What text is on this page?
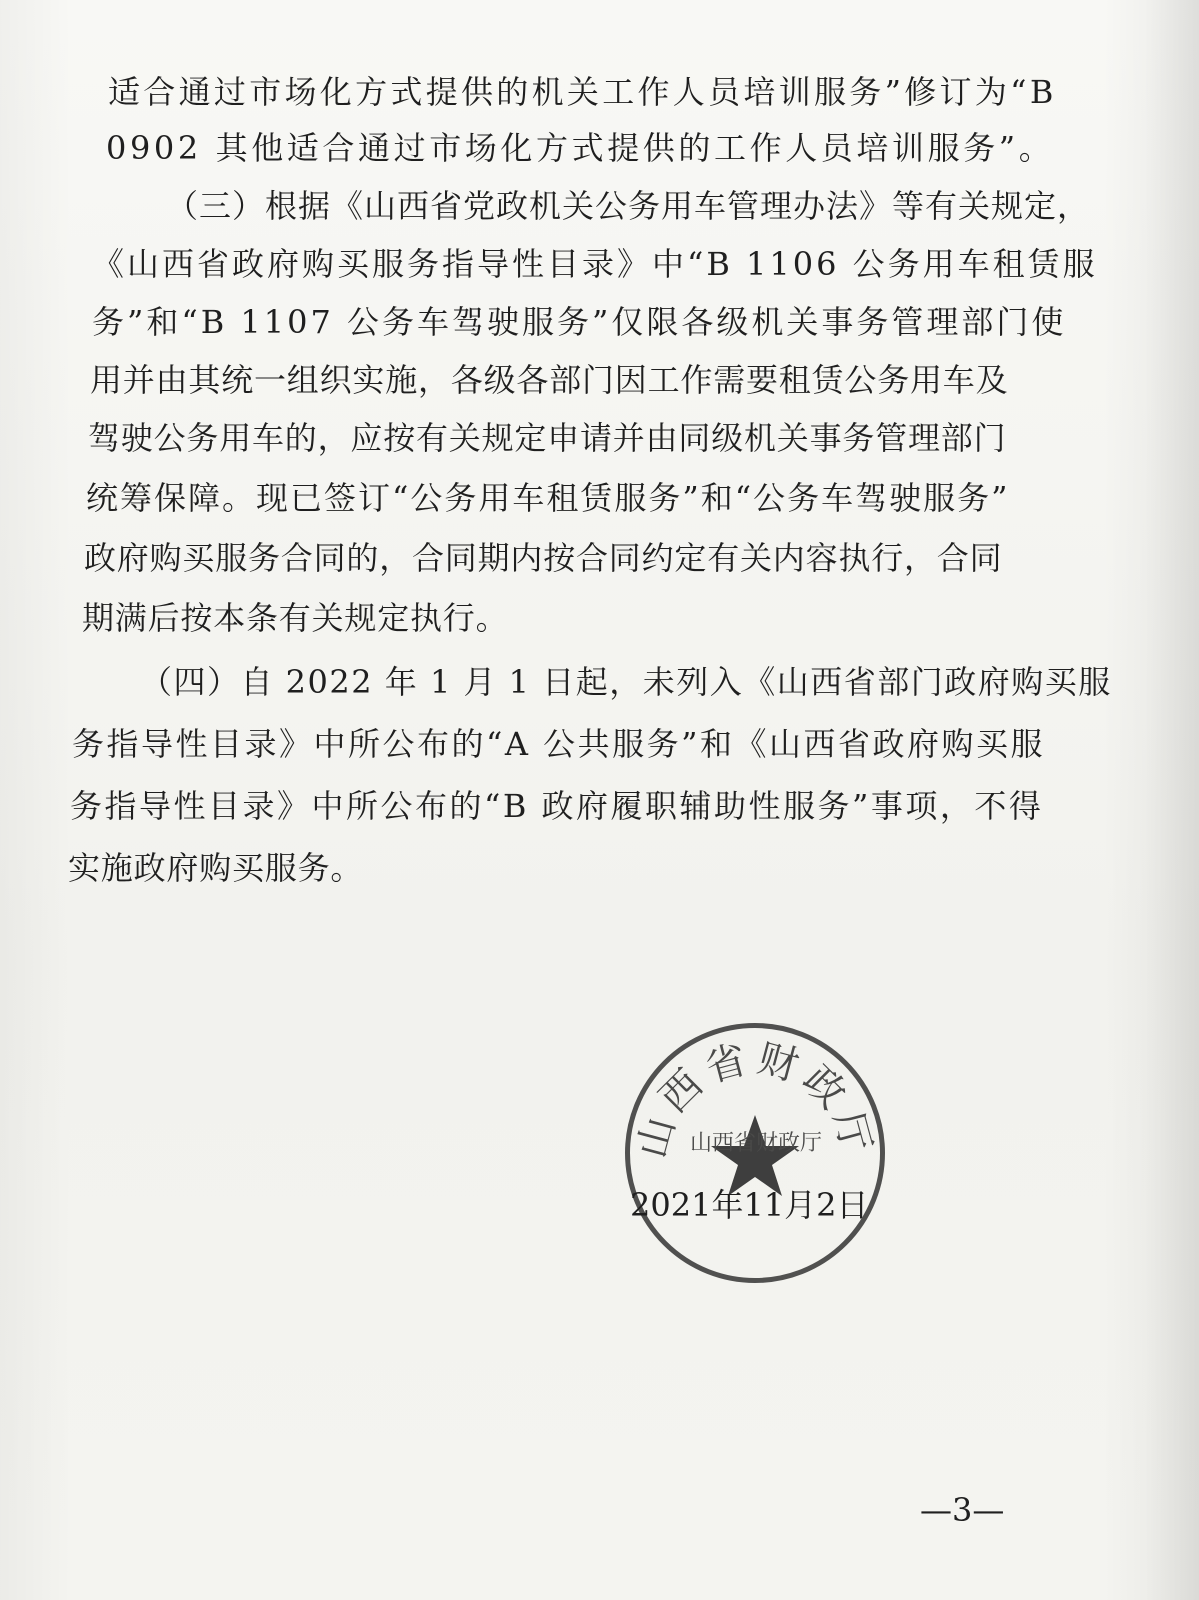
适合通过市场化方式提供的机关工作人员培训服务”修订为“B
0902 其他适合通过市场化方式提供的工作人员培训服务”。
（三）根据《山西省党政机关公务用车管理办法》等有关规定，
《山西省政府购买服务指导性目录》中“B 1106 公务用车租赁服
务”和“B 1107 公务车驾驶服务”仅限各级机关事务管理部门使
用并由其统一组织实施，各级各部门因工作需要租赁公务用车及
驾驶公务用车的，应按有关规定申请并由同级机关事务管理部门
统筹保障。现已签订“公务用车租赁服务”和“公务车驾驶服务”
政府购买服务合同的，合同期内按合同约定有关内容执行，合同
期满后按本条有关规定执行。
（四）自 2022 年 1 月 1 日起，未列入《山西省部门政府购买服
务指导性目录》中所公布的“A 公共服务”和《山西省政府购买服
务指导性目录》中所公布的“B 政府履职辅助性服务”事项，不得
实施政府购买服务。
山西省财政厅
山西省财政厅
2021年11月2日
—3—
